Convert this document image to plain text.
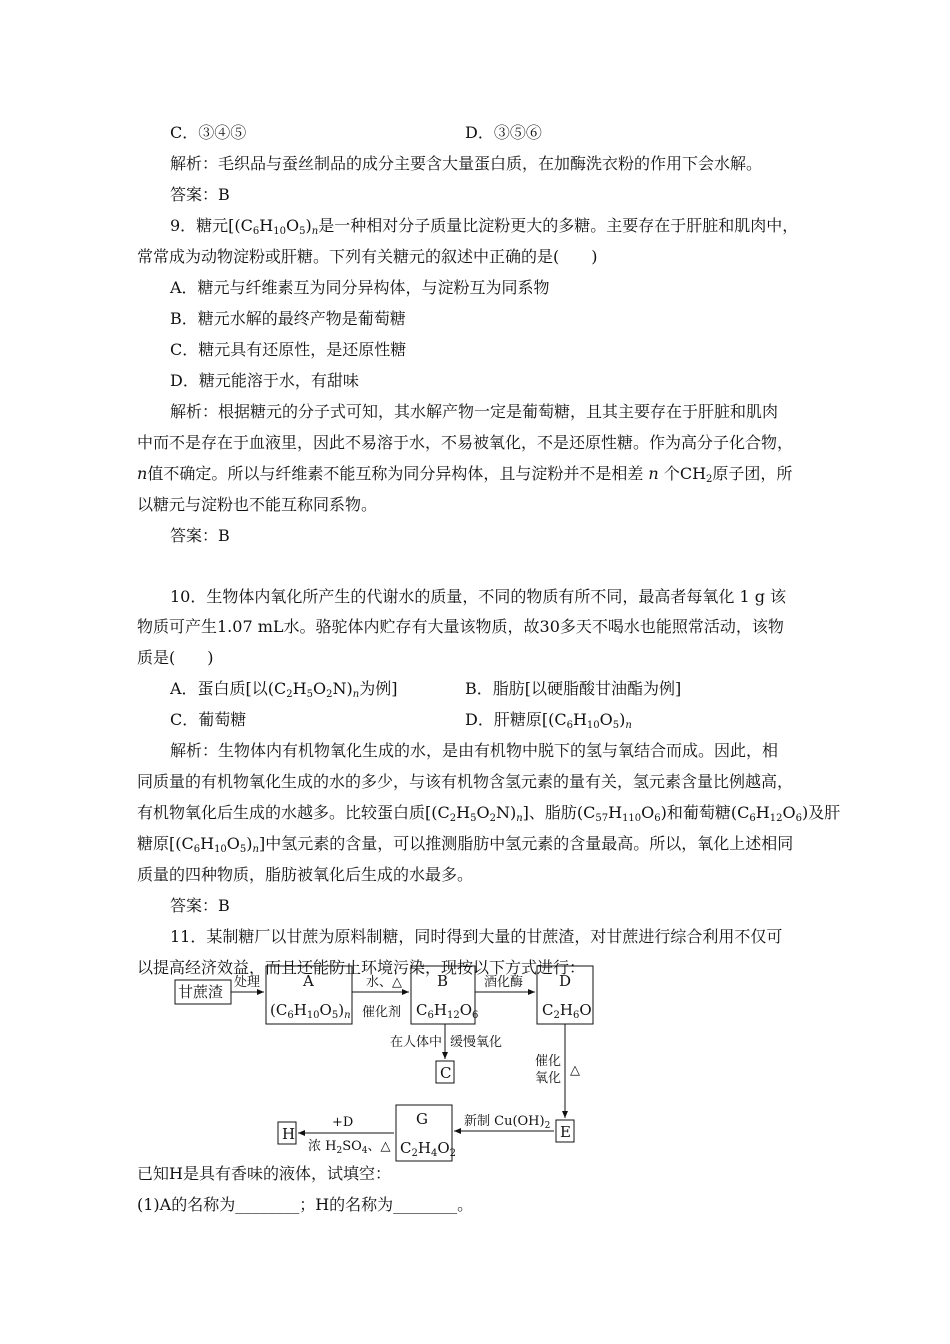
C．③④⑤	D．③⑤⑥
解析：毛织品与蚕丝制品的成分主要含大量蛋白质，在加酶洗衣粉的作用下会水解。
答案：B
9．糖元[$(C_6H_{10}O_5)_n$是一种相对分子质量比淀粉更大的多糖。主要存在于肝脏和肌肉中，
常常成为动物淀粉或肝糖。下列有关糖元的叙述中正确的是(　　)
A．糖元与纤维素互为同分异构体，与淀粉互为同系物
B．糖元水解的最终产物是葡萄糖
C．糖元具有还原性，是还原性糖
D．糖元能溶于水，有甜味
解析：根据糖元的分子式可知，其水解产物一定是葡萄糖，且其主要存在于肝脏和肌肉
中而不是存在于血液里，因此不易溶于水，不易被氧化，不是还原性糖。作为高分子化合物，
n值不确定。所以与纤维素不能互称为同分异构体，且与淀粉并不是相差 n 个$CH_2$原子团，所
以糖元与淀粉也不能互称同系物。
答案：B
10．生物体内氧化所产生的代谢水的质量，不同的物质有所不同，最高者每氧化 1 g 该
物质可产生1.07 mL水。骆驼体内贮存有大量该物质，故30多天不喝水也能照常活动，该物
质是(　　)
A．蛋白质[以$(C_2H_5O_2N)_n$为例]	B．脂肪[以硬脂酸甘油酯为例]
C．葡萄糖	D．肝糖原[$(C_6H_{10}O_5)_n$
解析：生物体内有机物氧化生成的水，是由有机物中脱下的氢与氧结合而成。因此，相
同质量的有机物氧化生成的水的多少，与该有机物含氢元素的量有关，氢元素含量比例越高，
有机物氧化后生成的水越多。比较蛋白质$[(C_2H_5O_2N)_n]$、脂肪$(C_{57}H_{110}O_6)$和葡萄糖$(C_6H_{12}O_6)$及肝
糖原$[(C_6H_{10}O_5)_n]$中氢元素的含量，可以推测脂肪中氢元素的含量最高。所以，氧化上述相同
质量的四种物质，脂肪被氧化后生成的水最多。
答案：B
11．某制糖厂以甘蔗为原料制糖，同时得到大量的甘蔗渣，对甘蔗进行综合利用不仅可
以提高经济效益，而且还能防止环境污染，现按以下方式进行：
甘蔗渣
处理	A
$(C_6H_{10}O_5)_n$
水、△
催化剂
B
$C_6H_{12}O_6$
酒化酶 D
$C_2H_6O$
在人体中 缓慢氧化
C
催化
氧化
△
E
新制 $Cu(OH)_2$
G
$C_2H_4O_2$
+D
浓 $H_2SO_4$、△
H
已知H是具有香味的液体，试填空：
(1)A的名称为________；H的名称为________。
